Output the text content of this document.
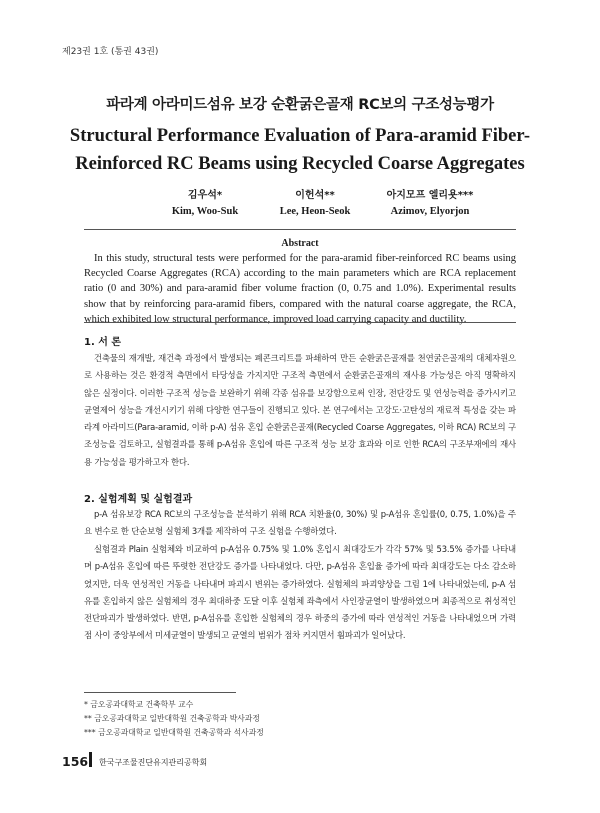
제23권 1호 (통권 43권)
파라계 아라미드섬유 보강 순환굵은골재 RC보의 구조성능평가
Structural Performance Evaluation of Para-aramid Fiber- Reinforced RC Beams using Recycled Coarse Aggregates
김우석*
Kim, Woo-Suk
이헌석**
Lee, Heon-Seok
아지모프 엘리욧***
Azimov, Elyorjon
Abstract

In this study, structural tests were performed for the para-aramid fiber-reinforced RC beams using Recycled Coarse Aggregates (RCA) according to the main parameters which are RCA replacement ratio (0 and 30%) and para-aramid fiber volume fraction (0, 0.75 and 1.0%). Experimental results show that by reinforcing para-aramid fibers, compared with the natural coarse aggregate, the RCA, which exhibited low structural performance, improved load carrying capacity and ductility.

1. 서 론

건축물의 재개발, 재건축 과정에서 발생되는 폐콘크리트를 파쇄하여 만든 순환굵은골재를 천연굵은골재의 대체자원으로 사용하는 것은 환경적 측면에서 타당성을 가지지만 구조적 측면에서 순환굵은골재의 재사용 가능성은 아직 명확하지 않은 실정이다. 이러한 구조적 성능을 보완하기 위해 각종 섬유를 보강함으로써 인장, 전단강도 및 연성능력을 증가시키고 균열제어 성능을 개선시키기 위해 다양한 연구들이 진행되고 있다. 본 연구에서는 고강도·고탄성의 재료적 특성을 갖는 파라계 아라미드(Para-aramid, 이하 p-A) 섬유 혼입 순환굵은골재(Recycled Coarse Aggregates, 이하 RCA) RC보의 구조성능을 검토하고, 실험결과를 통해 p-A섬유 혼입에 따른 구조적 성능 보강 효과와 이로 인한 RCA의 구조부재에의 재사용 가능성을 평가하고자 한다.

2. 실험계획 및 실험결과

p-A 섬유보강 RCA RC보의 구조성능을 분석하기 위해 RCA 치환율(0, 30%) 및 p-A섬유 혼입률(0, 0.75, 1.0%)을 주요 변수로 한 단순보형 실험체 3개를 제작하여 구조 실험을 수행하였다.

실험결과 Plain 실험체와 비교하여 p-A섬유 0.75% 및 1.0% 혼입시 최대강도가 각각 57% 및 53.5% 증가를 나타내며 p-A섬유 혼입에 따른 뚜렷한 전단강도 증가를 나타내었다. 다만, p-A섬유 혼입율 증가에 따라 최대강도는 다소 감소하였지만, 더욱 연성적인 거동을 나타내며 파괴시 변위는 증가하였다. 실험체의 파괴양상을 그림 1에 나타내었는데, p-A 섬유를 혼입하지 않은 실험체의 경우 최대하중 도달 이후 실험체 좌측에서 사인장균열이 발생하였으며 최종적으로 취성적인 전단파괴가 발생하였다. 반면, p-A섬유를 혼입한 실험체의 경우 하중의 증가에 따라 연성적인 거동을 나타내었으며 가력점 사이 중앙부에서 미세균열이 발생되고 균열의 범위가 점차 커지면서 휨파괴가 일어났다.

* 금오공과대학교 건축학부 교수
** 금오공과대학교 일반대학원 건축공학과 박사과정
*** 금오공과대학교 일반대학원 건축공학과 석사과정
156 한국구조물진단유지관리공학회
